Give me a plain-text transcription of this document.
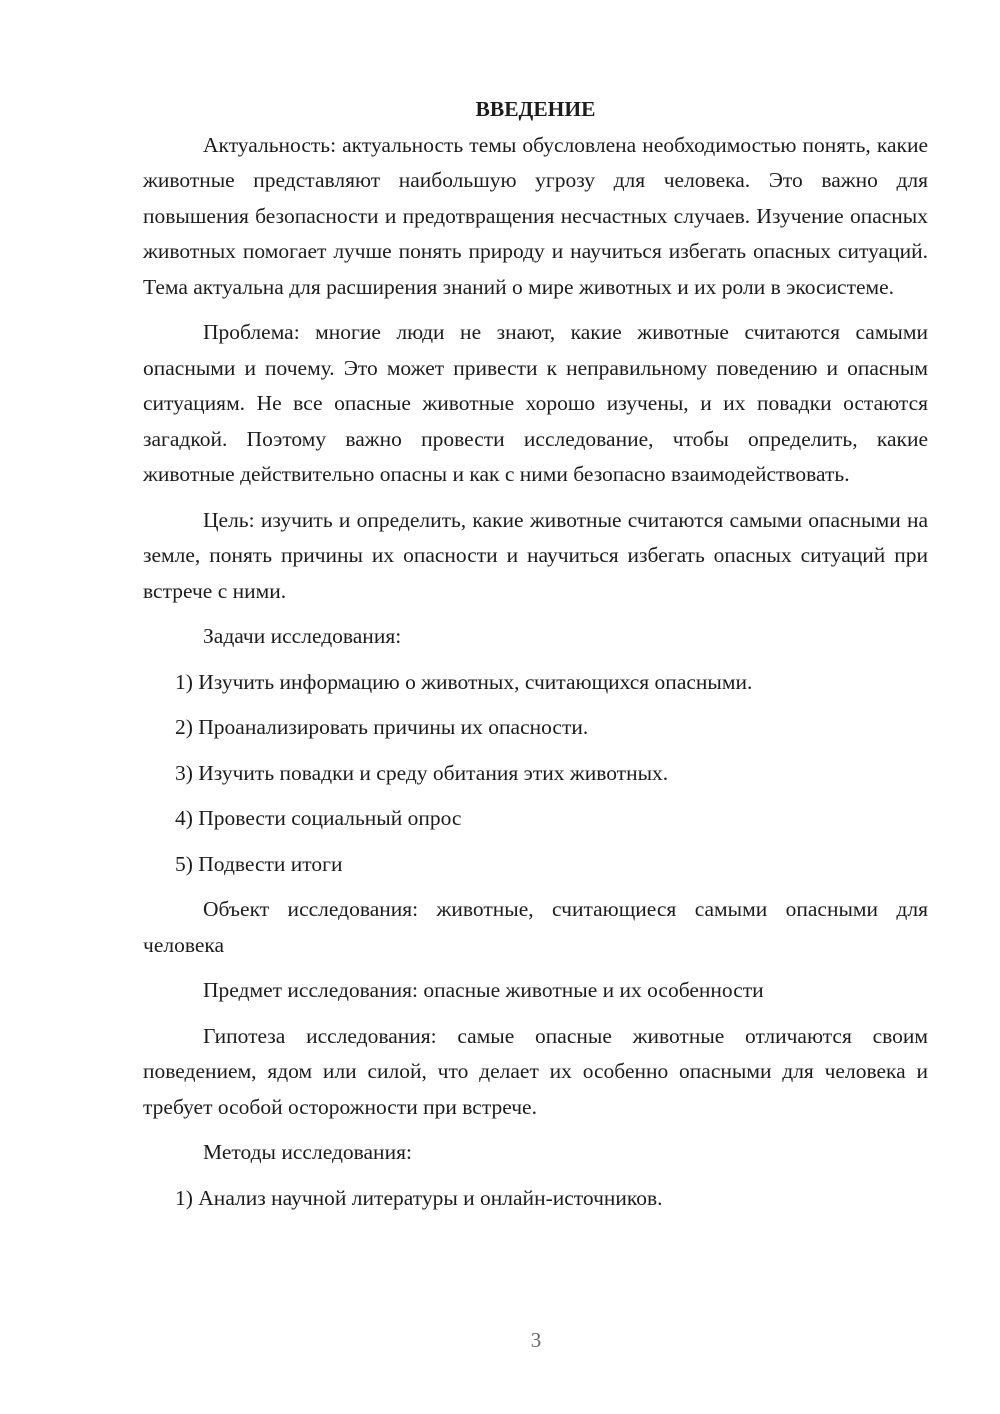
ВВЕДЕНИЕ

Актуальность: актуальность темы обусловлена необходимостью понять, какие животные представляют наибольшую угрозу для человека. Это важно для повышения безопасности и предотвращения несчастных случаев. Изучение опасных животных помогает лучше понять природу и научиться избегать опасных ситуаций. Тема актуальна для расширения знаний о мире животных и их роли в экосистеме.

Проблема: многие люди не знают, какие животные считаются самыми опасными и почему. Это может привести к неправильному поведению и опасным ситуациям. Не все опасные животные хорошо изучены, и их повадки остаются загадкой. Поэтому важно провести исследование, чтобы определить, какие животные действительно опасны и как с ними безопасно взаимодействовать.

Цель: изучить и определить, какие животные считаются самыми опасными на земле, понять причины их опасности и научиться избегать опасных ситуаций при встрече с ними.

Задачи исследования:

1) Изучить информацию о животных, считающихся опасными.
2) Проанализировать причины их опасности.
3) Изучить повадки и среду обитания этих животных.
4) Провести социальный опрос
5) Подвести итоги

Объект исследования: животные, считающиеся самыми опасными для человека

Предмет исследования: опасные животные и их особенности

Гипотеза исследования: самые опасные животные отличаются своим поведением, ядом или силой, что делает их особенно опасными для человека и требует особой осторожности при встрече.

Методы исследования:

1) Анализ научной литературы и онлайн-источников.
3
